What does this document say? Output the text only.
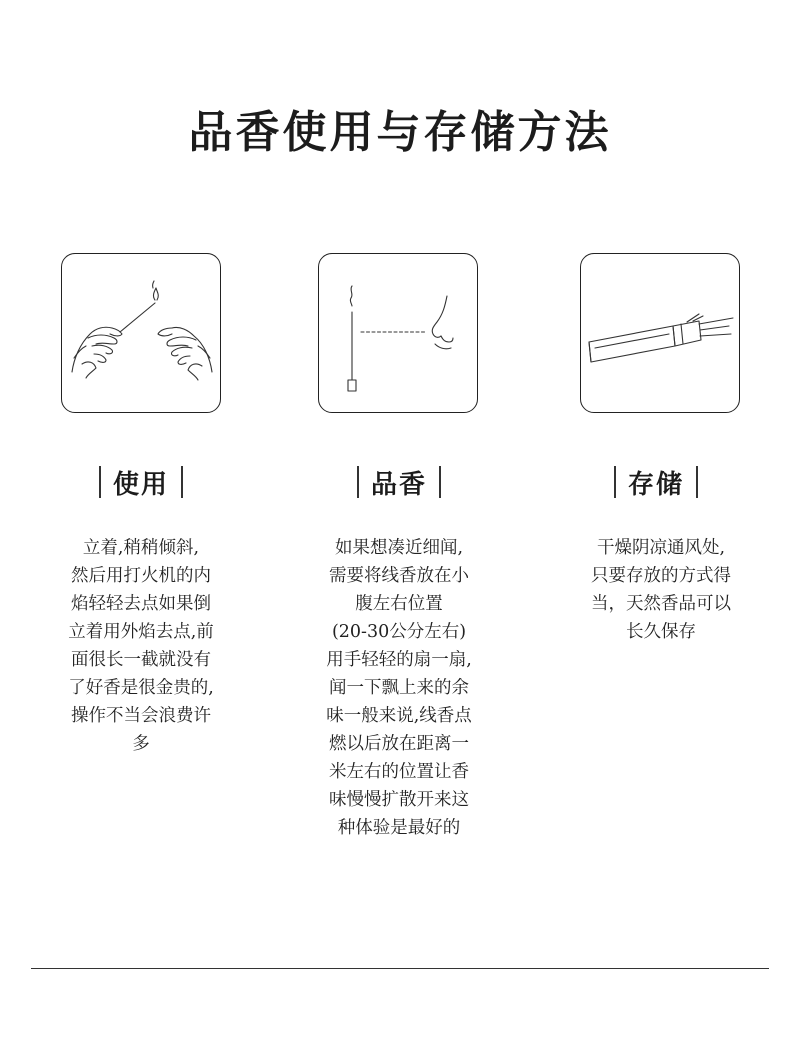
品香使用与存储方法
使用
立着,稍稍倾斜,
然后用打火机的内
焰轻轻去点如果倒
立着用外焰去点,前
面很长一截就没有
了好香是很金贵的,
操作不当会浪费许
多
品香
如果想凑近细闻,
需要将线香放在小
腹左右位置
(20-30公分左右)
用手轻轻的扇一扇,
闻一下飘上来的余
味一般来说,线香点
燃以后放在距离一
米左右的位置让香
味慢慢扩散开来这
种体验是最好的
存储
干燥阴凉通风处,
只要存放的方式得
当，天然香品可以
长久保存
